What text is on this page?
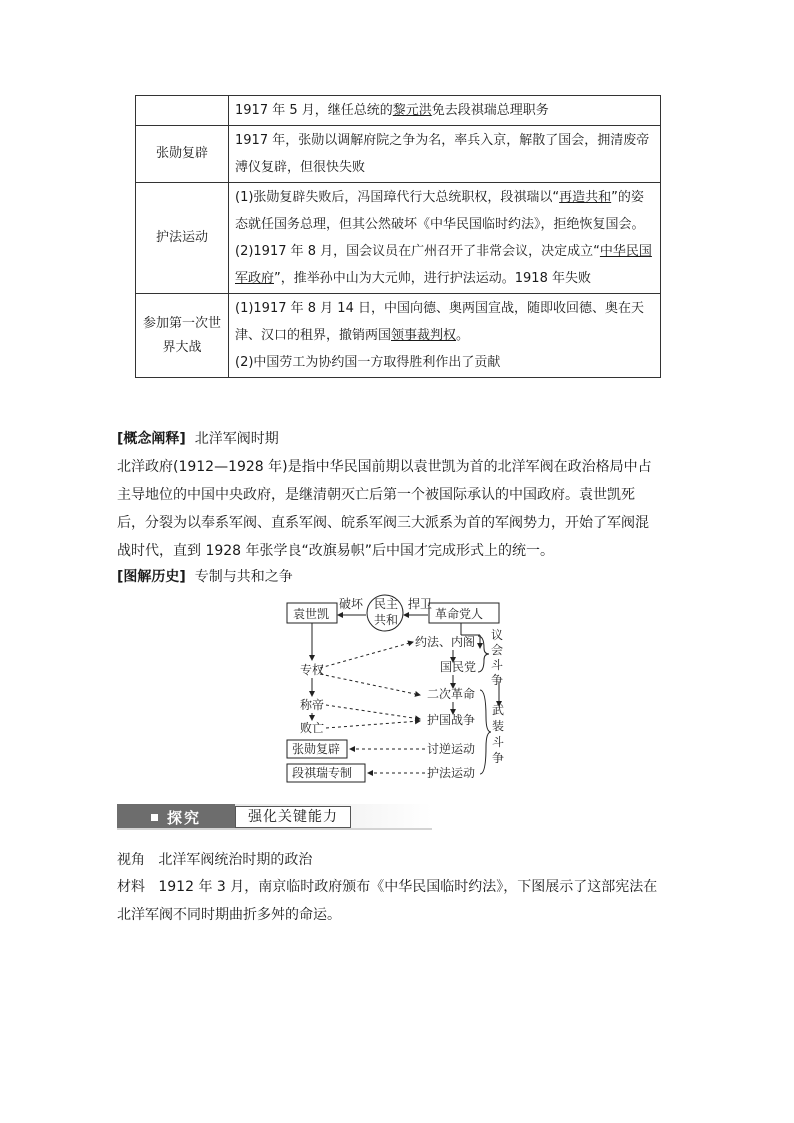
	1917 年 5 月，继任总统的黎元洪免去段祺瑞总理职务

张勋复辟	1917 年，张勋以调解府院之争为名，率兵入京，解散了国会，拥清废帝溥仪复辟，但很快失败

护法运动	(1)张勋复辟失败后，冯国璋代行大总统职权，段祺瑞以“再造共和”的姿态就任国务总理，但其公然破坏《中华民国临时约法》，拒绝恢复国会。

(2)1917 年 8 月，国会议员在广州召开了非常会议，决定成立“中华民国军政府”，推举孙中山为大元帅，进行护法运动。1918 年失败

参加第一次世界大战	(1)1917 年 8 月 14 日，中国向德、奥两国宣战，随即收回德、奥在天津、汉口的租界，撤销两国领事裁判权。

(2)中国劳工为协约国一方取得胜利作出了贡献

[概念阐释] 北洋军阀时期

北洋政府(1912—1928 年)是指中华民国前期以袁世凯为首的北洋军阀在政治格局中占主导地位的中国中央政府，是继清朝灭亡后第一个被国际承认的中国政府。袁世凯死后，分裂为以奉系军阀、直系军阀、皖系军阀三大派系为首的军阀势力，开始了军阀混战时代，直到 1928 年张学良“改旗易帜”后中国才完成形式上的统一。

[图解历史] 专制与共和之争
袁世凯
破坏 民主
共和
捍卫
革命党人
约法、内阁
国民党
议
会
斗
争
二次革命
护国战争
讨逆运动
护法运动
武
装
斗
争
专权
称帝
败亡
张勋复辟
段祺瑞专制
探究	强化关键能力
视角 北洋军阀统治时期的政治
材料 1912 年 3 月，南京临时政府颁布《中华民国临时约法》，下图展示了这部宪法在北洋军阀不同时期曲折多舛的命运。
